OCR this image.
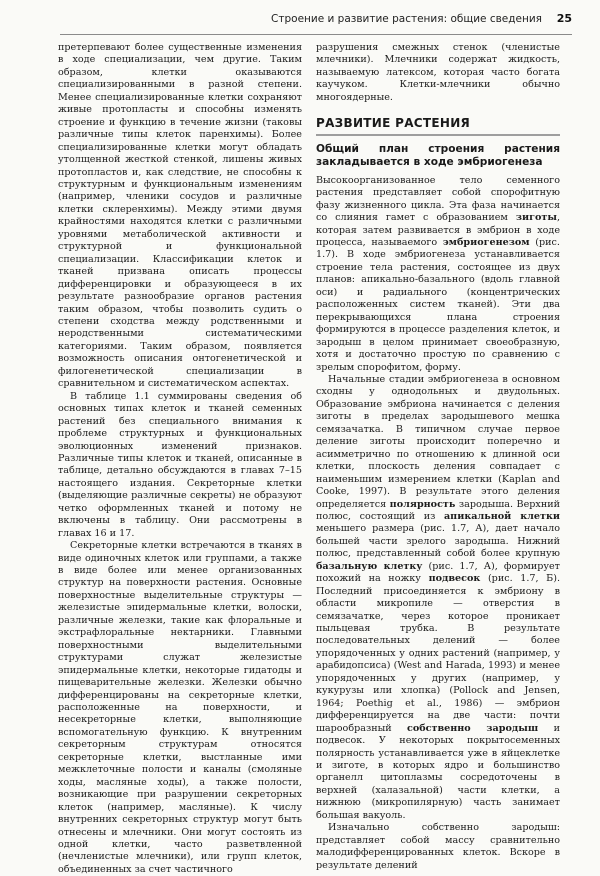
Строение и развитие растения: общие сведения 25

претерпевают более существенные изменения в ходе специализации, чем другие. Таким образом, клетки оказываются специализированными в разной степени. Менее специализированные клетки сохраняют живые протопласты и способны изменять строение и функцию в течение жизни (таковы различные типы клеток паренхимы). Более специализированные клетки могут обладать утолщенной жесткой стенкой, лишены живых протопластов и, как следствие, не способны к структурным и функциональным изменениям (например, членики сосудов и различные клетки склеренхимы). Между этими двумя крайностями находятся клетки с различными уровнями метаболической активности и структурной и функциональной специализации. Классификации клеток и тканей призвана описать процессы дифференцировки и образующееся в их результате разнообразие органов растения таким образом, чтобы позволить судить о степени сходства между родственными и неродственными систематическими категориями. Таким образом, появляется возможность описания онтогенетической и филогенетической специализации в сравнительном и систематическом аспектах.

В таблице 1.1 суммированы сведения об основных типах клеток и тканей семенных растений без специального внимания к проблеме структурных и функциональных эволюционных изменений признаков. Различные типы клеток и тканей, описанные в таблице, детально обсуждаются в главах 7–15 настоящего издания. Секреторные клетки (выделяющие различные секреты) не образуют четко оформленных тканей и потому не включены в таблицу. Они рассмотрены в главах 16 и 17.

Секреторные клетки встречаются в тканях в виде одиночных клеток или группами, а также в виде более или менее организованных структур на поверхности растения. Основные поверхностные выделительные структуры — железистые эпидермальные клетки, волоски, различные железки, такие как флоральные и экстрафлоральные нектарники. Главными поверхностными выделительными структурами служат железистые эпидермальные клетки, некоторые гидатоды и пищеварительные железки. Железки обычно дифференцированы на секреторные клетки, расположенные на поверхности, и несекреторные клетки, выполняющие вспомогательную функцию. К внутренним секреторным структурам относятся секреторные клетки, выстланные ими межклеточные полости и каналы (смоляные ходы, масляные ходы), а также полости, возникающие при разрушении секреторных клеток (например, масляные). К числу внутренних секреторных структур могут быть отнесены и млечники. Они могут состоять из одной клетки, часто разветвленной (нечленистые млечники), или групп клеток, объединенных за счет частичного

разрушения смежных стенок (членистые млечники). Млечники содержат жидкость, называемую латексом, которая часто богата каучуком. Клетки-млечники обычно многоядерные.

РАЗВИТИЕ РАСТЕНИЯ
Общий план строения растения закладывается в ходе эмбриогенеза

Высокоорганизованное тело семенного растения представляет собой спорофитную фазу жизненного цикла. Эта фаза начинается со слияния гамет с образованием зиготы, которая затем развивается в эмбрион в ходе процесса, называемого эмбриогенезом (рис. 1.7). В ходе эмбриогенеза устанавливается строение тела растения, состоящее из двух планов: апикально-базального (вдоль главной оси) и радиального (концентрических расположенных систем тканей). Эти два перекрывающихся плана строения формируются в процессе разделения клеток, и зародыш в целом принимает своеобразную, хотя и достаточно простую по сравнению с зрелым спорофитом, форму.

Начальные стадии эмбриогенеза в основном сходны у однодольных и двудольных. Образование эмбриона начинается с деления зиготы в пределах зародышевого мешка семязачатка. В типичном случае первое деление зиготы происходит поперечно и асимметрично по отношению к длинной оси клетки, плоскость деления совпадает с наименьшим измерением клетки (Kaplan and Cooke, 1997). В результате этого деления определяется полярность зародыша. Верхний полюс, состоящий из апикальной клетки меньшего размера (рис. 1.7, А), дает начало большей части зрелого зародыша. Нижний полюс, представленный собой более крупную базальную клетку (рис. 1.7, А), формирует похожий на ножку подвесок (рис. 1.7, Б). Последний присоединяется к эмбриону в области микропиле — отверстия в семязачатке, через которое проникает пыльцевая трубка. В результате последовательных делений — более упорядоченных у одних растений (например, у арабидопсиса) (West and Harada, 1993) и менее упорядоченных у других (например, у кукурузы или хлопка) (Pollock and Jensen, 1964; Poethig et al., 1986) — эмбрион дифференцируется на две части: почти шарообразный собственно зародыш и подвесок. У некоторых покрытосеменных полярность устанавливается уже в яйцеклетке и зиготе, в которых ядро и большинство органелл цитоплазмы сосредоточены в верхней (халазальной) части клетки, а нижнюю (микропилярную) часть занимает большая вакуоль.

Изначально собственно зародыш: представляет собой массу сравнительно малодифференцированных клеток. Вскоре в результате делений
